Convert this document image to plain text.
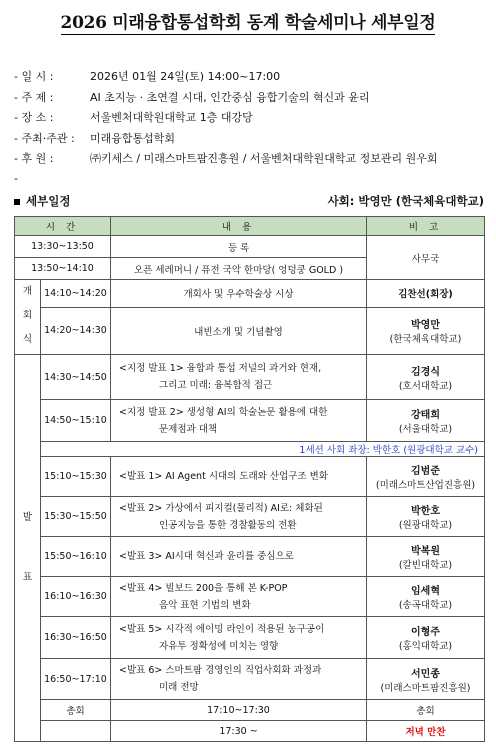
2026 미래융합통섭학회 동계 학술세미나 세부일정
- 일 시 :	2026년 01월 24일(토) 14:00~17:00
- 주 제 :	AI 초지능 · 초연결 시대, 인간중심 융합기술의 혁신과 윤리
- 장 소 :	서울벤처대학원대학교 1층 대강당
- 주최·주관 :	미래융합통섭학회
- 후 원 :	㈜키세스 / 미래스마트팜진흥원 / 서울벤처대학원대학교 정보관리 원우회
-
세부일정	사회: 박영만 (한국체육대학교)
시 간		내 용	비 고	
13:30~13:50		등 록	사무국	
13:50~14:10		오픈 세레머니 / 퓨전 국악 한마당( 엉덩쿵 GOLD )		
개회식	14:10~14:20	개회사 및 우수학술상 시상	김찬선(회장)	
	14:20~14:30	내빈소개 및 기념촬영	박영만
(한국체육대학교)	

발표	14:30~14:50	<지정 발표 1> 융합과 통섭 저널의 과거와 현재,
그리고 미래: 융복합적 접근	김경식
(호서대학교)	

	14:50~15:10	<지정 발표 2> 생성형 AI의 학술논문 활용에 대한
문제점과 대책	강태희
(서울대학교)	

	1세션 사회 좌장: 박한호 (원광대학교 교수)			
	15:10~15:30	<발표 1> AI Agent 시대의 도래와 산업구조 변화	김범준
(미래스마트산업진흥원)	

	15:30~15:50	<발표 2> 가상에서 피지컬(물리적) AI로: 체화된
인공지능을 통한 경찰활동의 전환	박한호
(원광대학교)	

	15:50~16:10	<발표 3> AI시대 혁신과 윤리를 중심으로	박복원
(칼빈대학교)	

	16:10~16:30	<발표 4> 빌보드 200을 통해 본 K-POP
음악 표현 기법의 변화	임세혁
(송곡대학교)	

	16:30~16:50	<발표 5> 시각적 에이밍 라인이 적용된 농구공이
자유투 정확성에 미치는 영향	이형주
(홍익대학교)	

	16:50~17:10	<발표 6> 스마트팜 경영인의 직업사회화 과정과
미래 전망	서민종
(미래스마트팜진흥원)	

	총회	17:10~17:30	총회	
		17:30 ~	저녁 만찬	
